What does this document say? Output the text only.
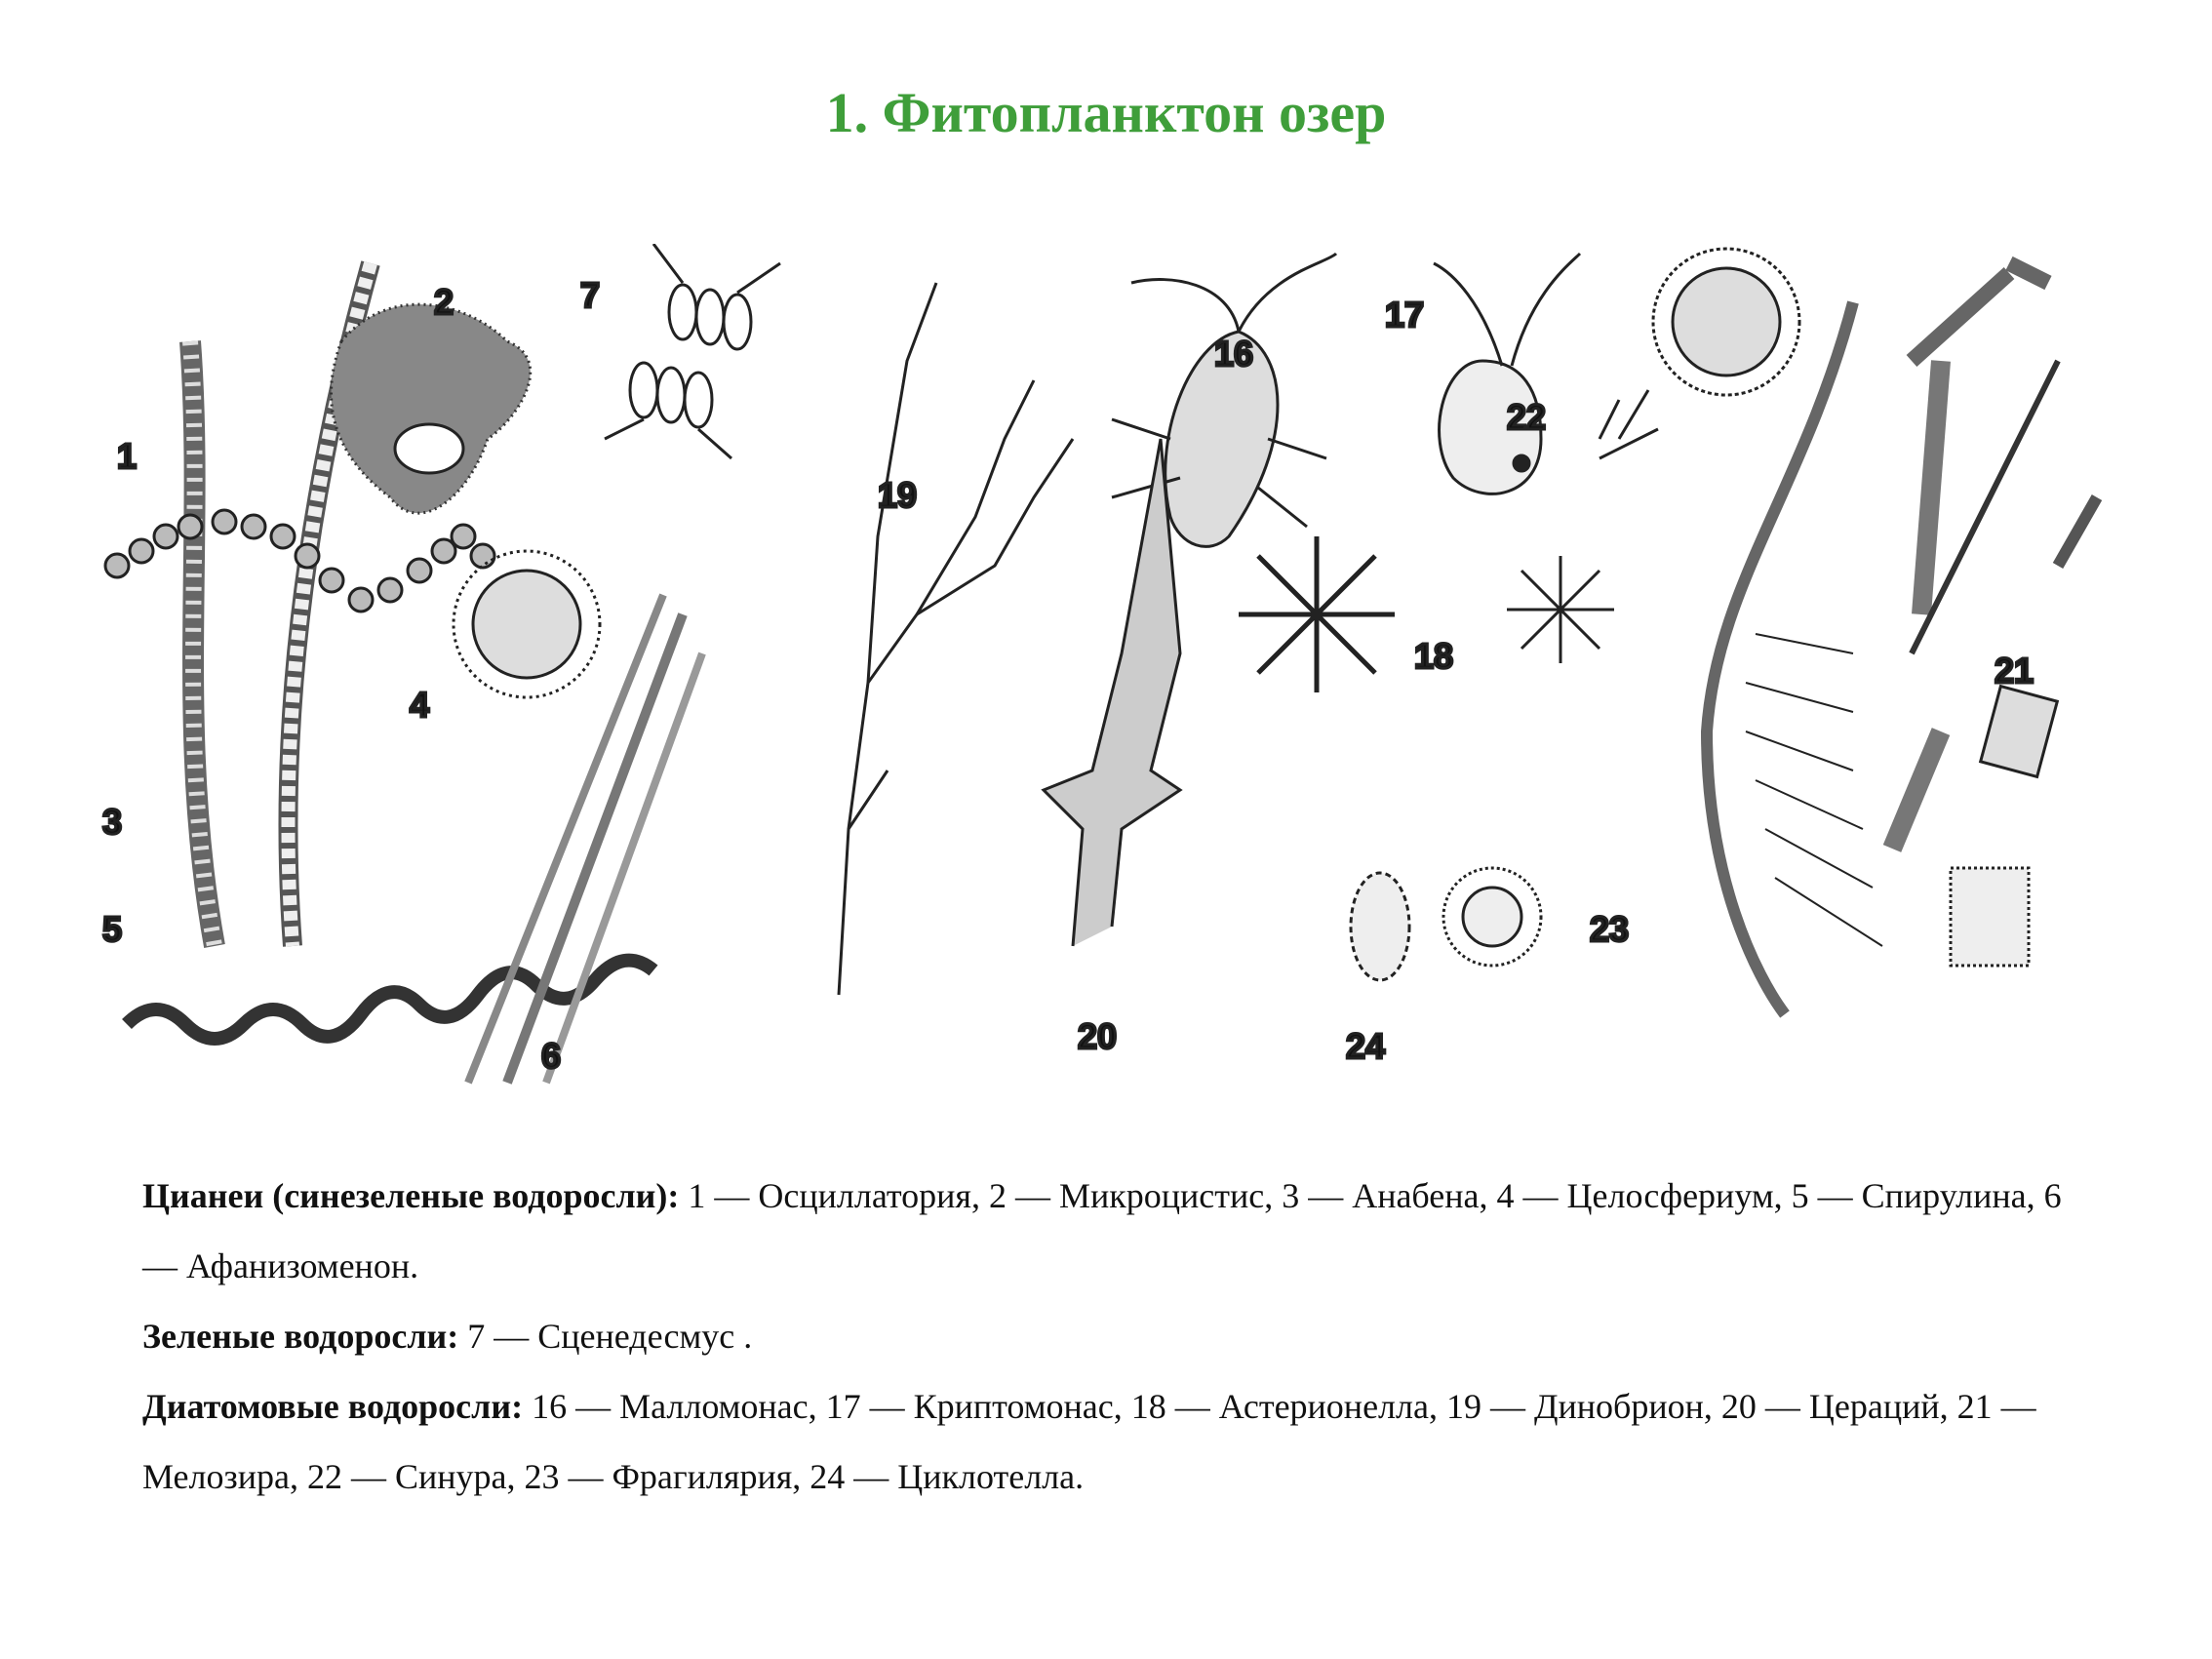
1. Фитопланктон озер
1
2
3
4
5
6
7
16
17
18
19
20
21
22
23
24

Цианеи (синезеленые водоросли): 1 — Осциллатория, 2 — Микроцистис, 3 — Анабена, 4 — Целосфериум, 5 — Спирулина, 6 — Афанизоменон.

Зеленые водоросли: 7 — Сценедесмус .

Диатомовые водоросли: 16 — Малломонас, 17 — Криптомонас, 18 — Астерионелла, 19 — Динобрион, 20 — Цераций, 21 — Мелозира, 22 — Синура, 23 — Фрагилярия, 24 — Циклотелла.
